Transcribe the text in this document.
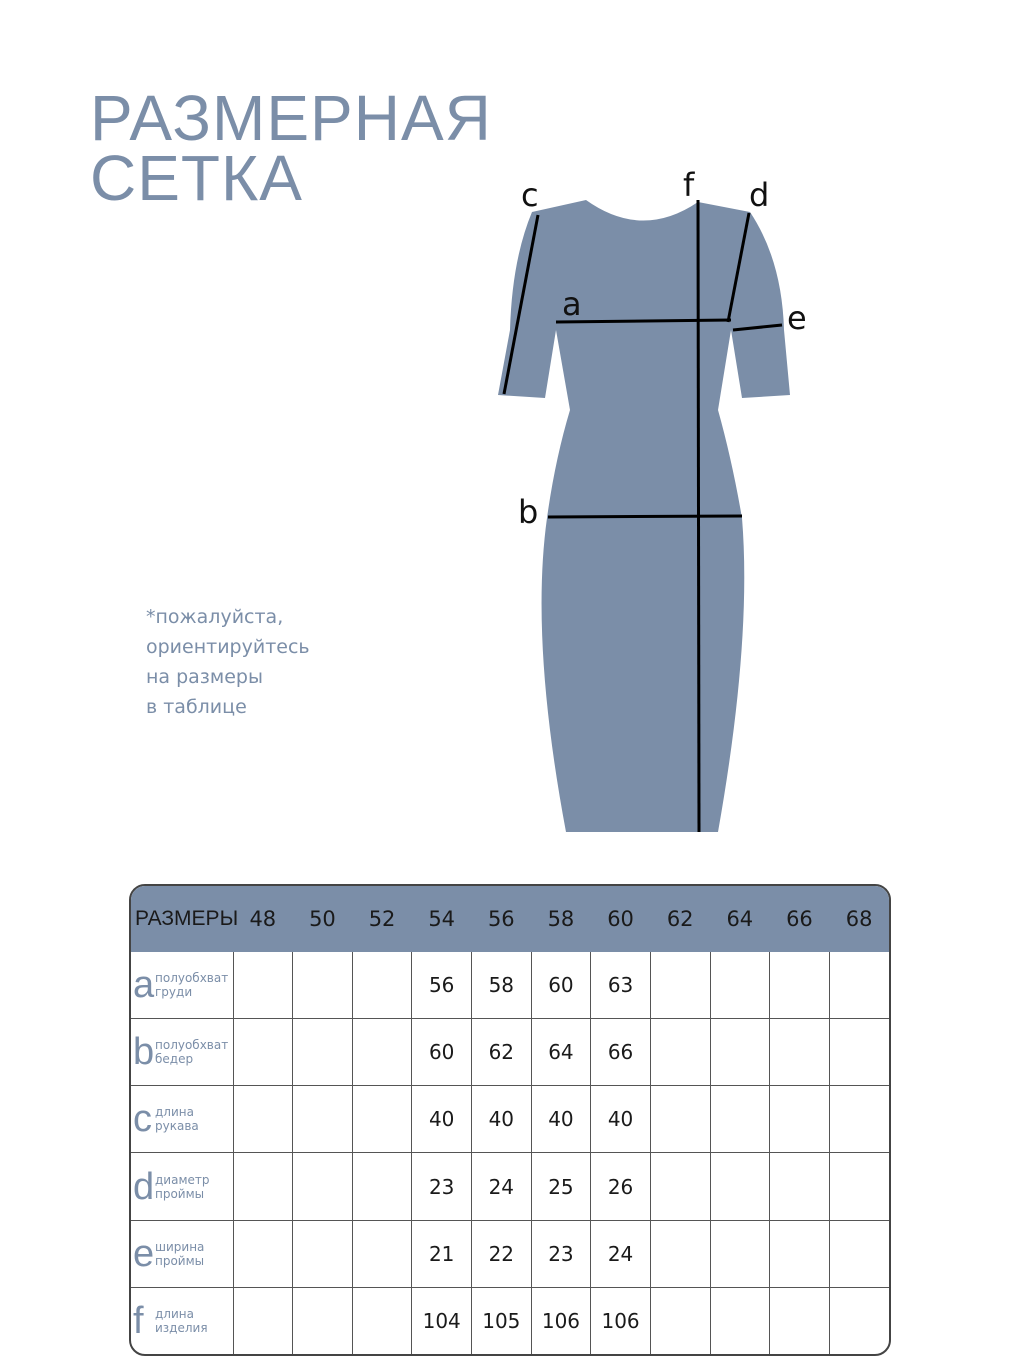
РАЗМЕРНАЯ
СЕТКА
a
b
c	d
e
f
*пожалуйста,
ориентируйтесь
на размеры
в таблице
РАЗМЕРЫ	48	50	52	54	56	58	60	62	64	66	68
a полуобхват
груди				56	58	60	63				
b полуобхват
бедер				60	62	64	66				
c длина
рукава				40	40	40	40				
d диаметр
проймы				23	24	25	26				
e ширина
проймы				21	22	23	24				
f длина
изделия				104	105	106	106				
